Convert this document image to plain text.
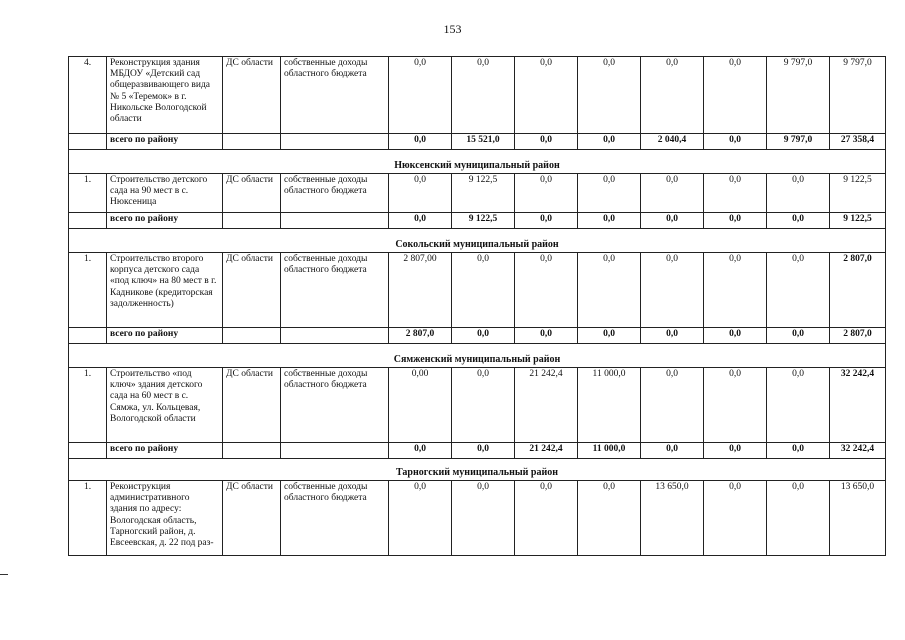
153
4.	Реконструкция здания МБДОУ «Детский сад общеразвивающего вида № 5 «Теремок» в г. Никольске Вологодской области	ДС области	собственные доходы областного бюджета	0,0	0,0	0,0	0,0	0,0	0,0	9 797,0	9 797,0
	всего по району			0,0	15 521,0	0,0	0,0	2 040,4	0,0	9 797,0	27 358,4
Нюксенский муниципальный район											
1.	Строительство детского сада на 90 мест в с. Нюксеница	ДС области	собственные доходы областного бюджета	0,0	9 122,5	0,0	0,0	0,0	0,0	0,0	9 122,5
	всего по району			0,0	9 122,5	0,0	0,0	0,0	0,0	0,0	9 122,5
Сокольский муниципальный район											
1.	Строительство второго корпуса детского сада «под ключ» на 80 мест в г. Кадникове (кредиторская задолженность)	ДС области	собственные доходы областного бюджета	2 807,00	0,0	0,0	0,0	0,0	0,0	0,0	2 807,0
	всего по району			2 807,0	0,0	0,0	0,0	0,0	0,0	0,0	2 807,0
Сямженский муниципальный район											
1.	Строительство «под ключ» здания детского сада на 60 мест в с. Сямжа, ул. Кольцевая, Вологодской области	ДС области	собственные доходы областного бюджета	0,00	0,0	21 242,4	11 000,0	0,0	0,0	0,0	32 242,4
	всего по району			0,0	0,0	21 242,4	11 000,0	0,0	0,0	0,0	32 242,4
Тарногский муниципальный район											
1.	Рекоиструкция административного здания по адресу: Вологодская область, Тарногский район, д. Евсеевская, д. 22 под раз-	ДС области	собственные доходы областного бюджета	0,0	0,0	0,0	0,0	13 650,0	0,0	0,0	13 650,0
